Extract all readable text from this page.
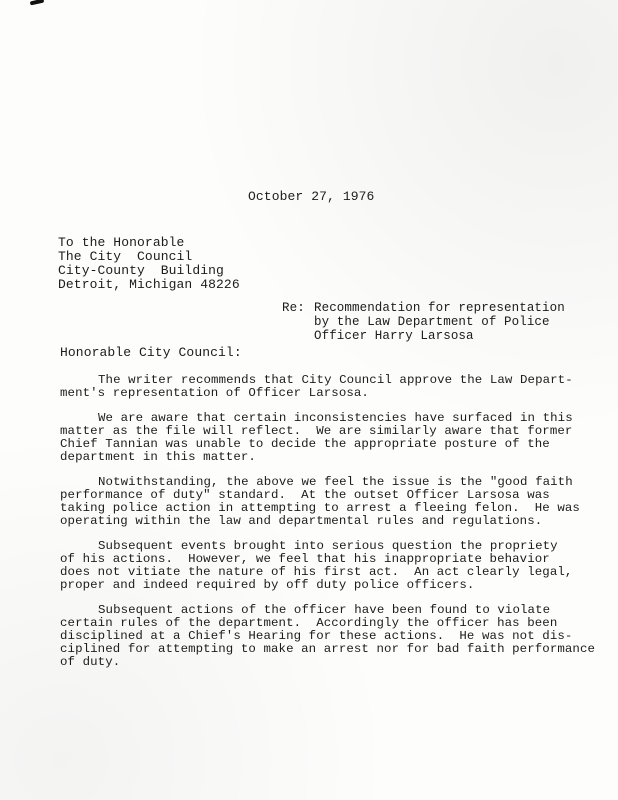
October 27, 1976
To the Honorable
The City  Council
City-County  Building
Detroit, Michigan 48226
Re: Recommendation for representation
by the Law Department of Police
Officer Harry Larsosa
Honorable City Council:
The writer recommends that City Council approve the Law Depart-
ment's representation of Officer Larsosa.
We are aware that certain inconsistencies have surfaced in this
matter as the file will reflect.  We are similarly aware that former
Chief Tannian was unable to decide the appropriate posture of the
department in this matter.
Notwithstanding, the above we feel the issue is the "good faith
performance of duty" standard.  At the outset Officer Larsosa was
taking police action in attempting to arrest a fleeing felon.  He was
operating within the law and departmental rules and regulations.
Subsequent events brought into serious question the propriety
of his actions.  However, we feel that his inappropriate behavior
does not vitiate the nature of his first act.  An act clearly legal,
proper and indeed required by off duty police officers.
Subsequent actions of the officer have been found to violate
certain rules of the department.  Accordingly the officer has been
disciplined at a Chief's Hearing for these actions.  He was not dis-
ciplined for attempting to make an arrest nor for bad faith performance
of duty.
